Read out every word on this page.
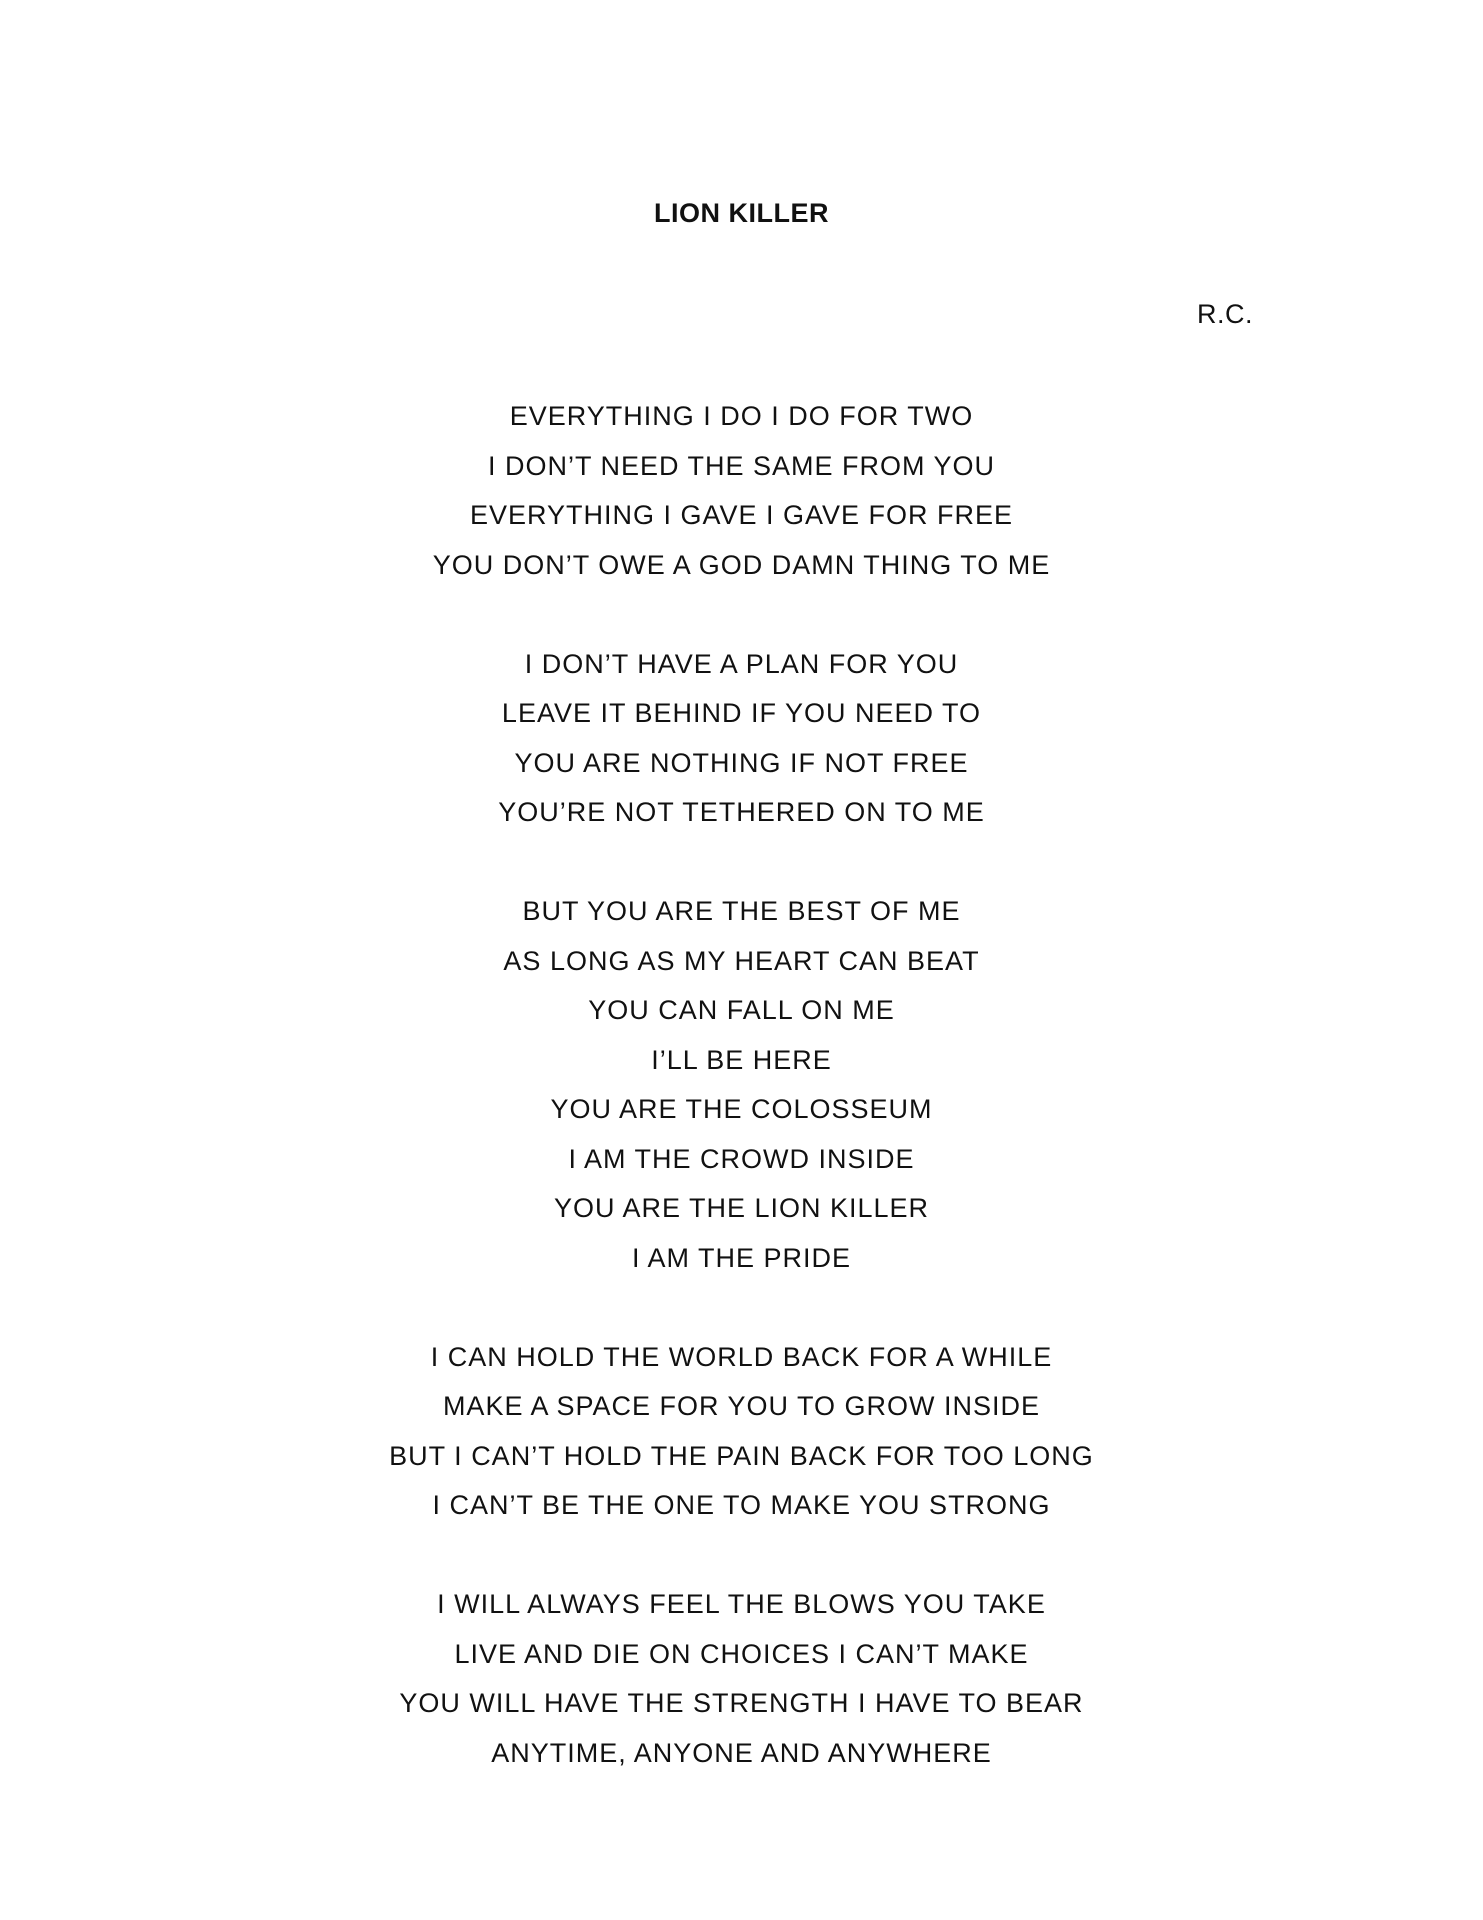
LION KILLER

R.C.

EVERYTHING I DO I DO FOR TWO
I DON’T NEED THE SAME FROM YOU
EVERYTHING I GAVE I GAVE FOR FREE
YOU DON’T OWE A GOD DAMN THING TO ME
I DON’T HAVE A PLAN FOR YOU
LEAVE IT BEHIND IF YOU NEED TO
YOU ARE NOTHING IF NOT FREE
YOU’RE NOT TETHERED ON TO ME
BUT YOU ARE THE BEST OF ME
AS LONG AS MY HEART CAN BEAT
YOU CAN FALL ON ME
I’LL BE HERE
YOU ARE THE COLOSSEUM
I AM THE CROWD INSIDE
YOU ARE THE LION KILLER
I AM THE PRIDE
I CAN HOLD THE WORLD BACK FOR A WHILE
MAKE A SPACE FOR YOU TO GROW INSIDE
BUT I CAN’T HOLD THE PAIN BACK FOR TOO LONG
I CAN’T BE THE ONE TO MAKE YOU STRONG
I WILL ALWAYS FEEL THE BLOWS YOU TAKE
LIVE AND DIE ON CHOICES I CAN’T MAKE
YOU WILL HAVE THE STRENGTH I HAVE TO BEAR
ANYTIME, ANYONE AND ANYWHERE
